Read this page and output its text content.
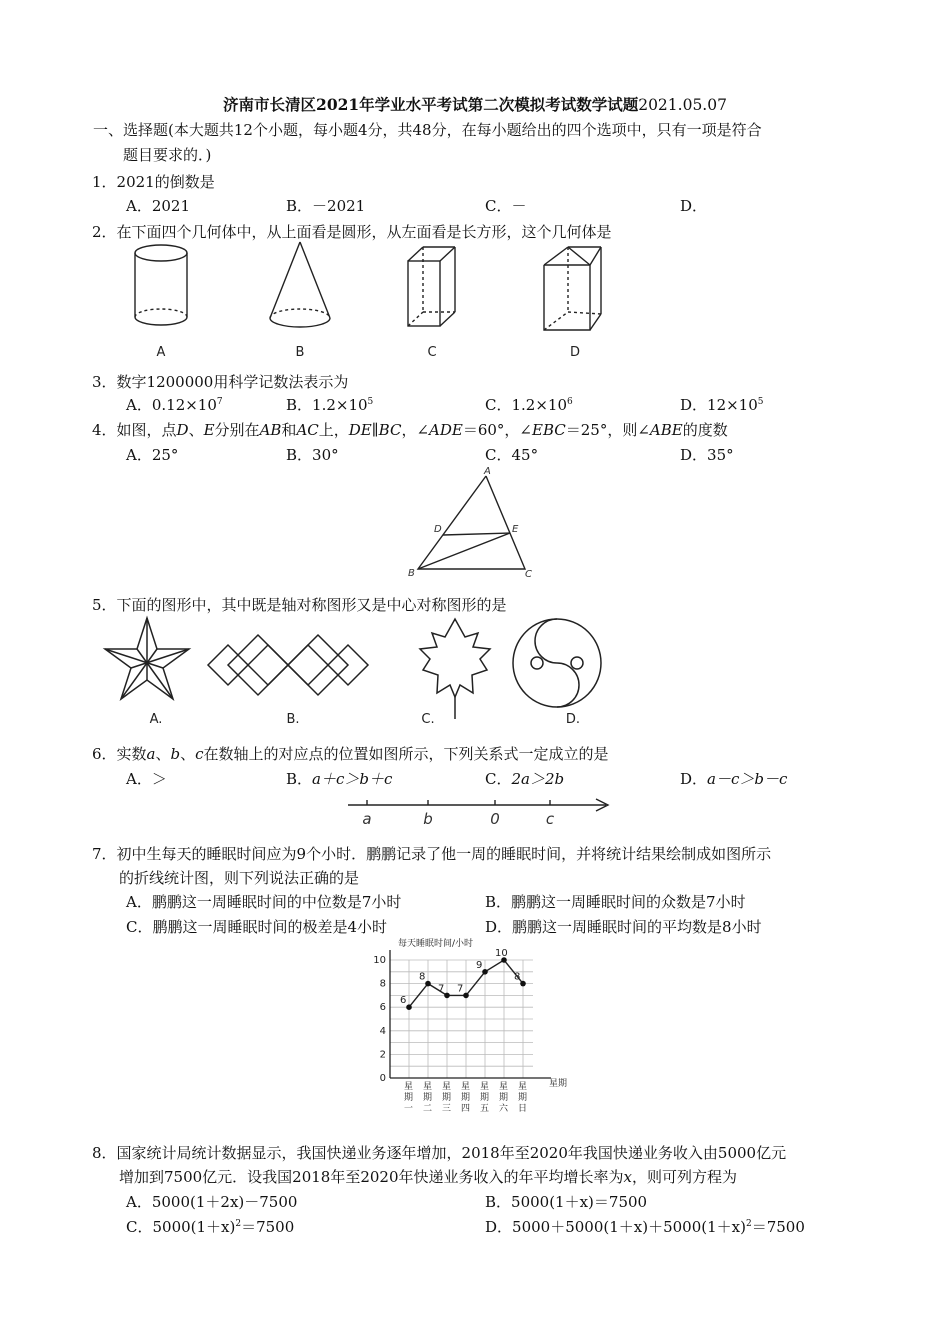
济南市长清区2021年学业水平考试第二次模拟考试数学试题2021.05.07
一、选择题(本大题共12个小题，每小题4分，共48分，在每小题给出的四个选项中，只有一项是符合
题目要求的．)
1．2021的倒数是
A．2021	B．－2021	C．－	D．
2．在下面四个几何体中，从上面看是圆形，从左面看是长方形，这个几何体是
A	B	C	D
3．数字1200000用科学记数法表示为
A．$0.12\times 10^7$	B．$1.2\times 10^5$	C．$1.2\times 10^6$	D．$12\times 10^5$
4．如图，点D、E分别在AB和AC上，DE∥BC，∠ADE＝60°，∠EBC＝25°，则∠ABE的度数
A．25°	B．30°	C．45°	D．35°
A
D	E
B	C
5．下面的图形中，其中既是轴对称图形又是中心对称图形的是
A.	B.	C.	D.
6．实数a、b、c在数轴上的对应点的位置如图所示，下列关系式一定成立的是
A．＞	B．a＋c＞b＋c	C．2a＞2b	D．a－c＞b－c
a	b	0	c
7．初中生每天的睡眠时间应为9个小时．鹏鹏记录了他一周的睡眠时间，并将统计结果绘制成如图所示
的折线统计图，则下列说法正确的是
A．鹏鹏这一周睡眠时间的中位数是7小时	B．鹏鹏这一周睡眠时间的众数是7小时
C．鹏鹏这一周睡眠时间的极差是4小时	D．鹏鹏这一周睡眠时间的平均数是8小时
每天睡眠时间/小时
0
2
4
6
8
10
星期一
星期二
星期三
星期四
星期五
星期六
星期日
6
8
7 7
9
10
8
星期
8．国家统计局统计数据显示，我国快递业务逐年增加，2018年至2020年我国快递业务收入由5000亿元
增加到7500亿元．设我国2018年至2020年快递业务收入的年平均增长率为x，则可列方程为
A．5000(1＋2x)－7500	B．5000(1＋x)＝7500
C．$5000(1+x)^2=7500$	D．$5000+5000(1+x)+5000(1+x)^2=7500$
